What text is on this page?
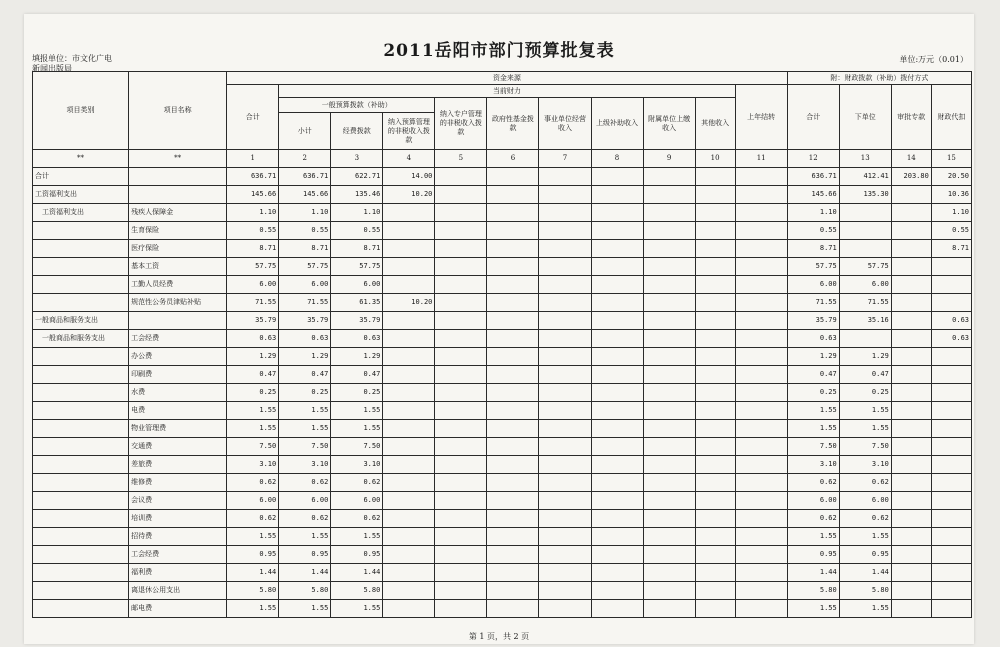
2011岳阳市部门预算批复表
填报单位：市文化广电
新闻出版局
单位:万元（0.01）
项目类别	项目名称	资金来源											附：财政拨款（补助）拨付方式			
		合计	当前财力									上年结转	合计	下单位	审批专款	财政代扣
			一般预算拨款（补助）			纳入专户管理的非税收入拨款	政府性基金拨款	事业单位经营收入	上级补助收入	附属单位上缴收入	其他收入					
			小计	经费拨款	纳入预算管理的非税收入拨款											
**	**	1	2	3	4	5	6	7	8	9	10	11	12	13	14	15
合计		636.71	636.71	622.71	14.00								636.71	412.41	203.80	20.50
工资福利支出		145.66	145.66	135.46	10.20								145.66	135.30		10.36
　工资福利支出	残疾人保障金	1.10	1.10	1.10									1.10			1.10
	生育保险	0.55	0.55	0.55									0.55			0.55
	医疗保险	8.71	8.71	8.71									8.71			8.71
	基本工资	57.75	57.75	57.75									57.75	57.75		
	工勤人员经费	6.00	6.00	6.00									6.00	6.00		
	规范性公务员津贴补贴	71.55	71.55	61.35	10.20								71.55	71.55		
一般商品和服务支出		35.79	35.79	35.79									35.79	35.16		0.63
　一般商品和服务支出	工会经费	0.63	0.63	0.63									0.63			0.63
	办公费	1.29	1.29	1.29									1.29	1.29		
	印刷费	0.47	0.47	0.47									0.47	0.47		
	水费	0.25	0.25	0.25									0.25	0.25		
	电费	1.55	1.55	1.55									1.55	1.55		
	物业管理费	1.55	1.55	1.55									1.55	1.55		
	交通费	7.50	7.50	7.50									7.50	7.50		
	差旅费	3.10	3.10	3.10									3.10	3.10		
	维修费	0.62	0.62	0.62									0.62	0.62		
	会议费	6.00	6.00	6.00									6.00	6.00		
	培训费	0.62	0.62	0.62									0.62	0.62		
	招待费	1.55	1.55	1.55									1.55	1.55		
	工会经费	0.95	0.95	0.95									0.95	0.95		
	福利费	1.44	1.44	1.44									1.44	1.44		
	离退休公用支出	5.80	5.80	5.80									5.80	5.80		
	邮电费	1.55	1.55	1.55									1.55	1.55		
第 1 页，共 2 页
